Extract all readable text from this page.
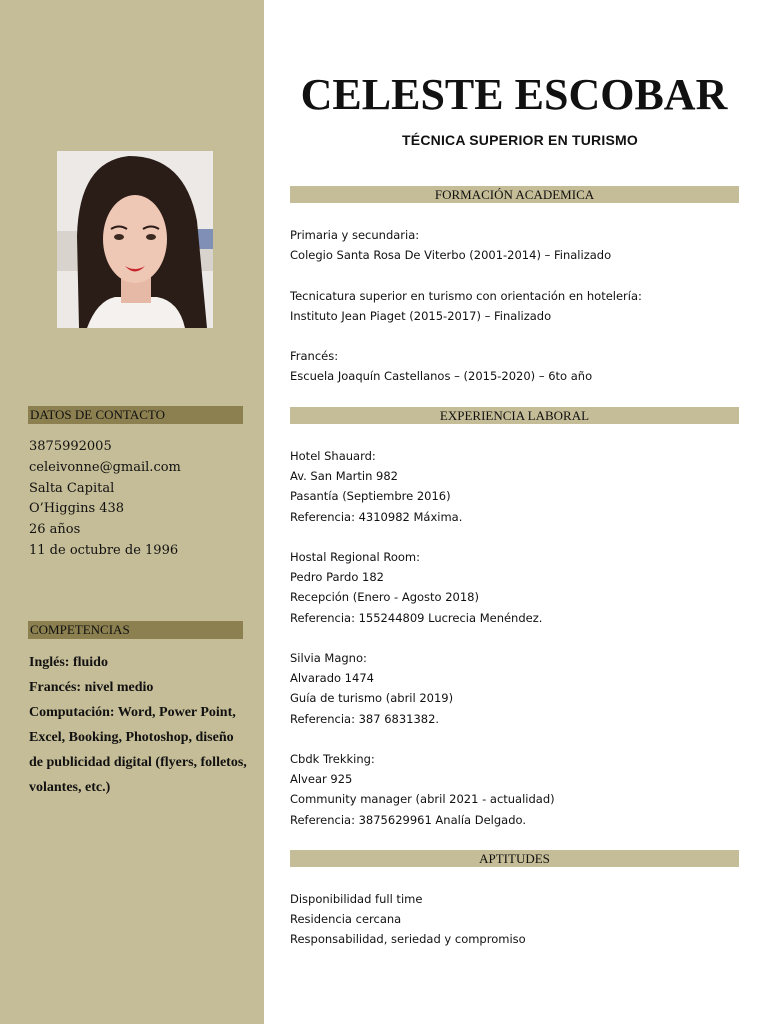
DATOS DE CONTACTO
3875992005
celeivonne@gmail.com
Salta Capital
O’Higgins 438
26 años
11 de octubre de 1996
COMPETENCIAS
Inglés: fluido
Francés: nivel medio
Computación: Word, Power Point,
Excel, Booking, Photoshop, diseño
de publicidad digital (flyers, folletos,
volantes, etc.)
CELESTE ESCOBAR
TÉCNICA SUPERIOR EN TURISMO
FORMACIÓN ACADEMICA
Primaria y secundaria:
Colegio Santa Rosa De Viterbo (2001-2014) – Finalizado
Tecnicatura superior en turismo con orientación en hotelería:
Instituto Jean Piaget (2015-2017) – Finalizado
Francés:
Escuela Joaquín Castellanos – (2015-2020) – 6to año
EXPERIENCIA LABORAL
Hotel Shauard:
Av. San Martin 982
Pasantía (Septiembre 2016)
Referencia: 4310982 Máxima.
Hostal Regional Room:
Pedro Pardo 182
Recepción (Enero - Agosto 2018)
Referencia: 155244809 Lucrecia Menéndez.
Silvia Magno:
Alvarado 1474
Guía de turismo (abril 2019)
Referencia: 387 6831382.
Cbdk Trekking:
Alvear 925
Community manager (abril 2021 - actualidad)
Referencia: 3875629961 Analía Delgado.
APTITUDES
Disponibilidad full time
Residencia cercana
Responsabilidad, seriedad y compromiso
